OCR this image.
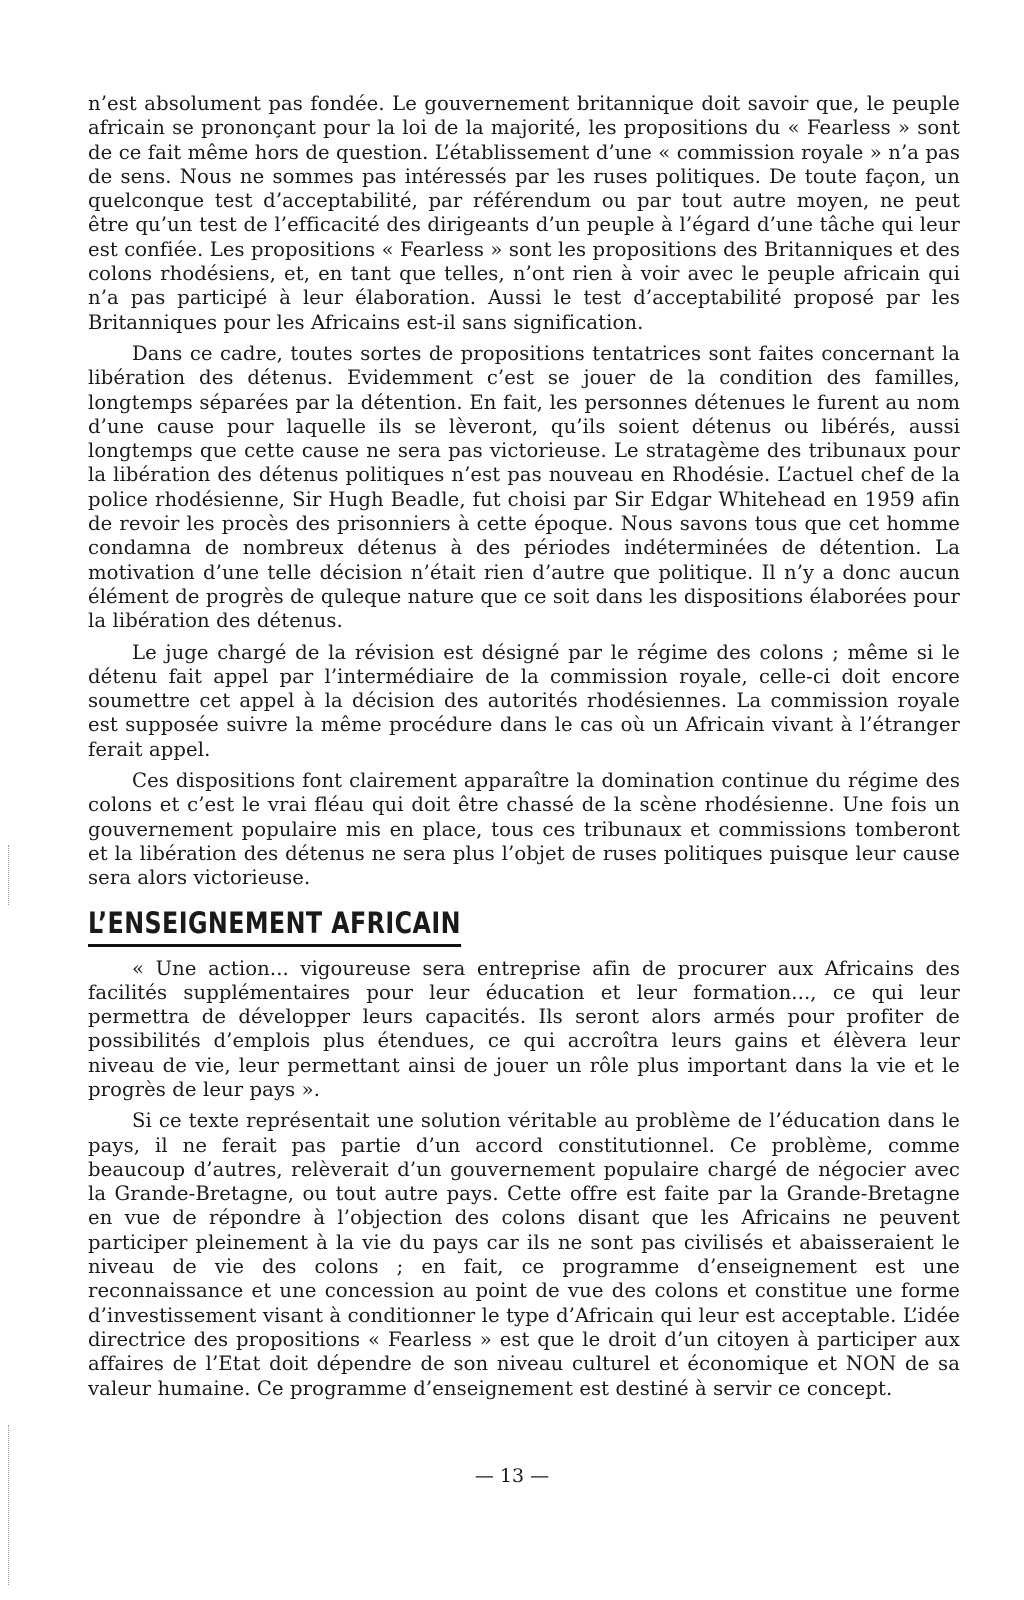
n’est absolument pas fondée. Le gouvernement britannique doit savoir que, le peuple africain se prononçant pour la loi de la majorité, les propositions du « Fearless » sont de ce fait même hors de question. L’établissement d’une « commission royale » n’a pas de sens. Nous ne sommes pas intéressés par les ruses politiques. De toute façon, un quelconque test d’acceptabilité, par référendum ou par tout autre moyen, ne peut être qu’un test de l’efficacité des dirigeants d’un peuple à l’égard d’une tâche qui leur est confiée. Les propositions « Fearless » sont les propositions des Britanniques et des colons rhodésiens, et, en tant que telles, n’ont rien à voir avec le peuple africain qui n’a pas participé à leur élaboration. Aussi le test d’acceptabilité proposé par les Britanniques pour les Africains est-il sans signification.

Dans ce cadre, toutes sortes de propositions tentatrices sont faites concernant la libération des détenus. Evidemment c’est se jouer de la condition des familles, longtemps séparées par la détention. En fait, les personnes détenues le furent au nom d’une cause pour laquelle ils se lèveront, qu’ils soient détenus ou libérés, aussi longtemps que cette cause ne sera pas victorieuse. Le stratagème des tribunaux pour la libération des détenus politiques n’est pas nouveau en Rhodésie. L’actuel chef de la police rhodésienne, Sir Hugh Beadle, fut choisi par Sir Edgar Whitehead en 1959 afin de revoir les procès des prisonniers à cette époque. Nous savons tous que cet homme condamna de nombreux détenus à des périodes indéterminées de détention. La motivation d’une telle décision n’était rien d’autre que politique. Il n’y a donc aucun élément de progrès de quleque nature que ce soit dans les dispositions élaborées pour la libération des détenus.

Le juge chargé de la révision est désigné par le régime des colons ; même si le détenu fait appel par l’intermédiaire de la commission royale, celle-ci doit encore soumettre cet appel à la décision des autorités rhodésiennes. La commission royale est supposée suivre la même procédure dans le cas où un Africain vivant à l’étranger ferait appel.

Ces dispositions font clairement apparaître la domination continue du régime des colons et c’est le vrai fléau qui doit être chassé de la scène rhodésienne. Une fois un gouvernement populaire mis en place, tous ces tribunaux et commissions tomberont et la libération des détenus ne sera plus l’objet de ruses politiques puisque leur cause sera alors victorieuse.

L’ENSEIGNEMENT AFRICAIN

« Une action... vigoureuse sera entreprise afin de procurer aux Africains des facilités supplémentaires pour leur éducation et leur formation..., ce qui leur permettra de développer leurs capacités. Ils seront alors armés pour profiter de possibilités d’emplois plus étendues, ce qui accroîtra leurs gains et élèvera leur niveau de vie, leur permettant ainsi de jouer un rôle plus important dans la vie et le progrès de leur pays ».

Si ce texte représentait une solution véritable au problème de l’éducation dans le pays, il ne ferait pas partie d’un accord constitutionnel. Ce problème, comme beaucoup d’autres, relèverait d’un gouvernement populaire chargé de négocier avec la Grande-Bretagne, ou tout autre pays. Cette offre est faite par la Grande-Bretagne en vue de répondre à l’objection des colons disant que les Africains ne peuvent participer pleinement à la vie du pays car ils ne sont pas civilisés et abaisseraient le niveau de vie des colons ; en fait, ce programme d’enseignement est une reconnaissance et une concession au point de vue des colons et constitue une forme d’investissement visant à conditionner le type d’Africain qui leur est acceptable. L’idée directrice des propositions « Fearless » est que le droit d’un citoyen à participer aux affaires de l’Etat doit dépendre de son niveau culturel et économique et NON de sa valeur humaine. Ce programme d’enseignement est destiné à servir ce concept.

— 13 —
